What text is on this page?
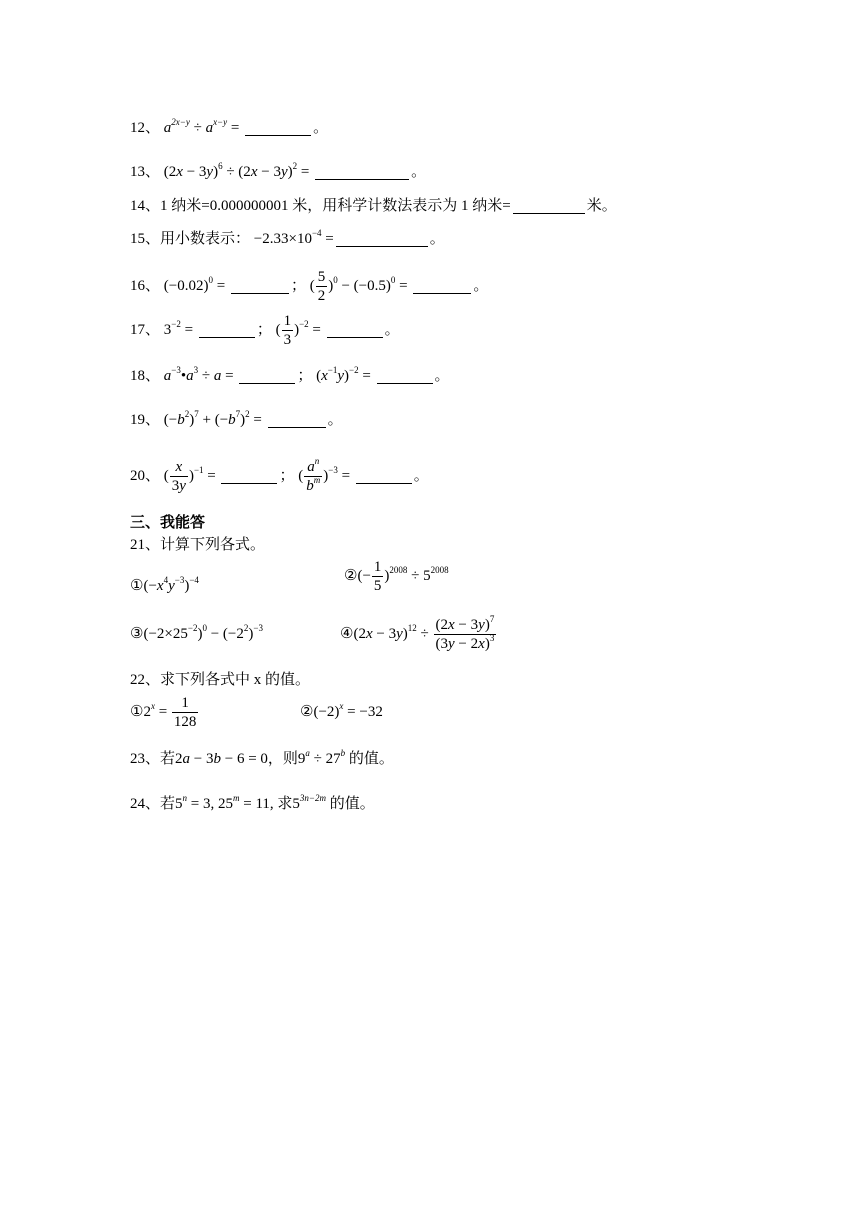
12、 $a^{2x-y} \div a^{x-y}$ =	。
13、 $(2x - 3y)^6 \div (2x - 3y)^2$ =	。
14、1 纳米=0.000000001 米，用科学计数法表示为 1 纳米=	米。
15、用小数表示： $-2.33\times 10^{-4}$ =	。
16、 $(-0.02)^0$ =	； ( $\frac{5}{2} )^0 - (-0.5)^0$ =	。
17、 $3^{-2}$ =	； ( $\frac{1}{3} )^{-2}$ =	。
18、 $a^{-3}•a^3 \div a$ =	； $(x^{-1}y)^{-2}$ =	。
19、 $(-b^2)^7 + (-b^7)^2$ =	。
20、 ( $\frac{x}{3y} )^{-1}$ =	； ( $\frac{a^n}{b^m} )^{-3}$ =	。
三、我能答
21、计算下列各式。
$①(-x^4y^{-3})^{-4}$	②(− $\frac{1}{5} )^{2008} \div 5^{2008}$
$③(-2\times 25^{-2})^0 - (-2^2)^{-3}$	④(2x − $3y)^{12} \div \frac{(2x - 3y)^7}{(3y - 2x)^3}$
22、求下列各式中 x 的值。
$①2^x = \frac{1}{128}$	$②(-2)^x = -32$
23、若2a − 3b − 6 = 0，则$9^a \div 27^b$ 的值。
24、若$5^n = 3$, $25^m = 11$, 求$5^{3n-2m}$ 的值。
